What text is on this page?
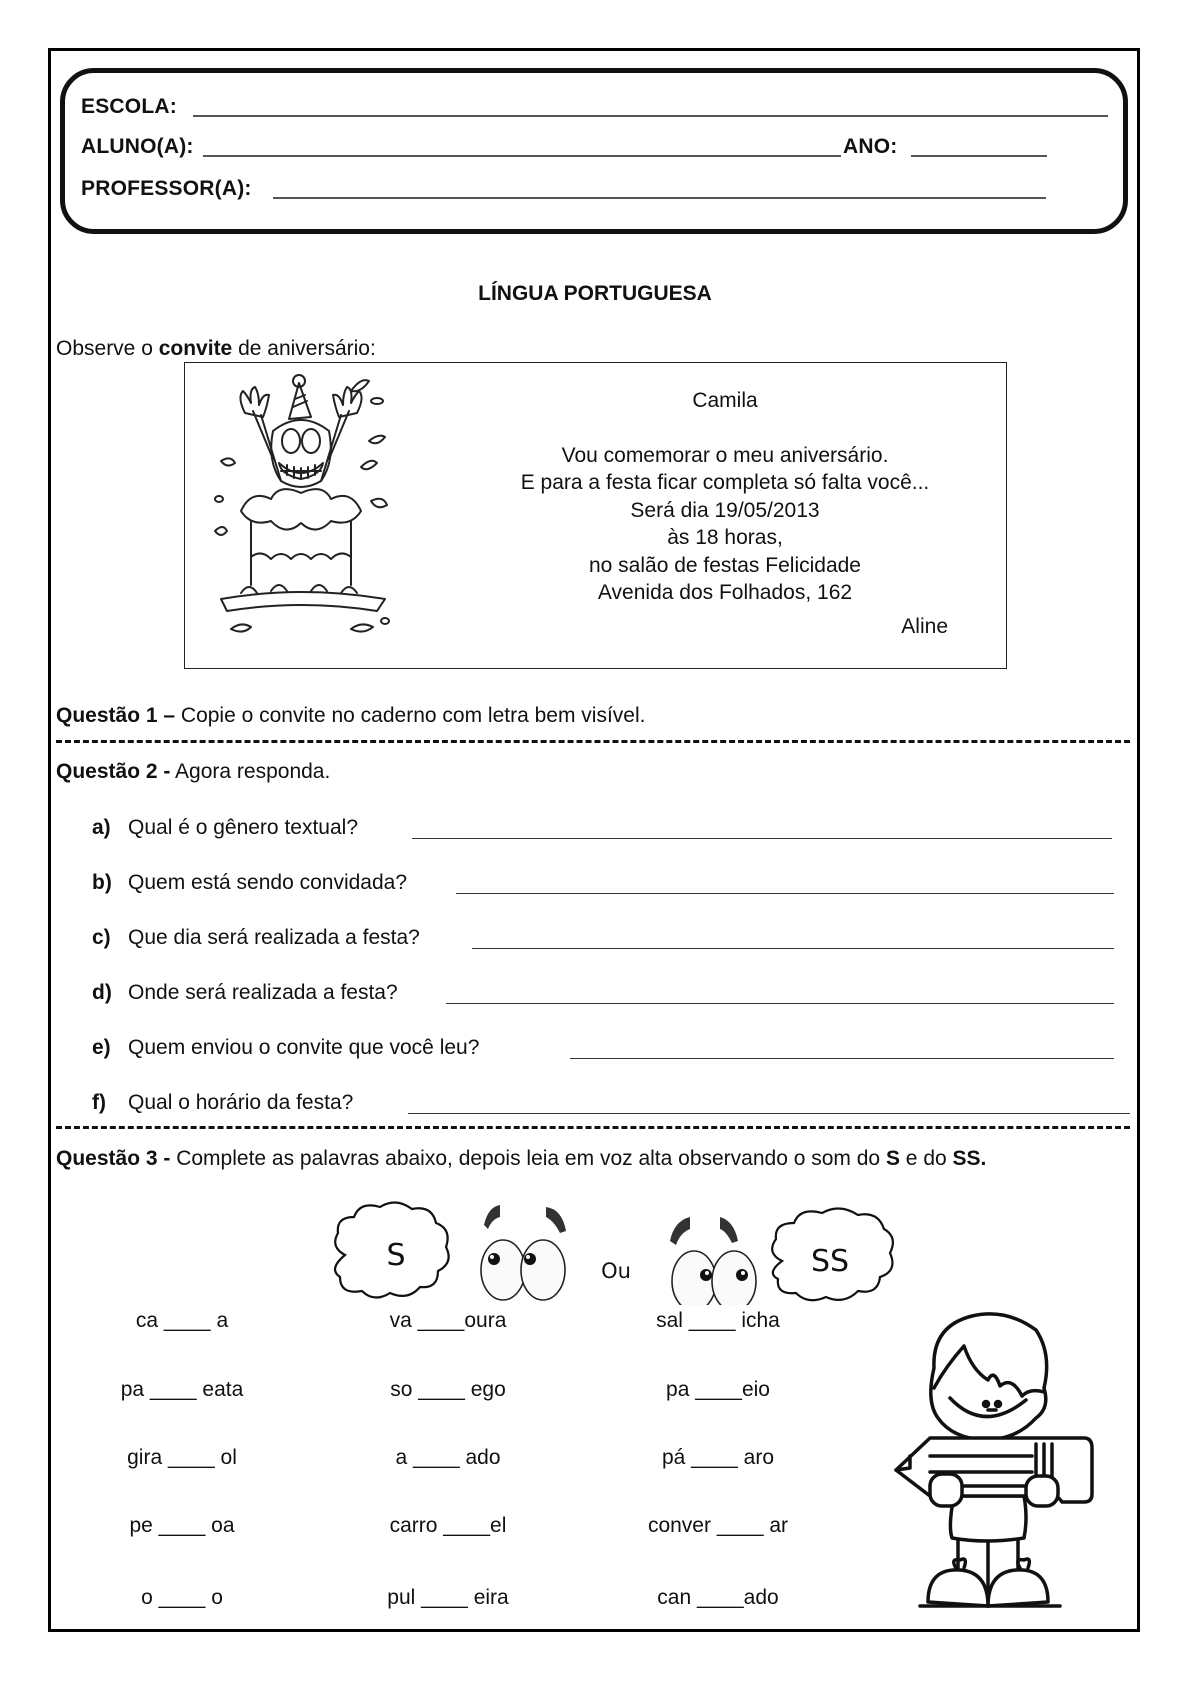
ESCOLA:
ALUNO(A):	ANO:
PROFESSOR(A):
LÍNGUA PORTUGUESA
Observe o convite de aniversário:
Camila
Vou comemorar o meu aniversário.
E para a festa ficar completa só falta você...
Será dia 19/05/2013
às 18 horas,
no salão de festas Felicidade
Avenida dos Folhados, 162
Aline
Questão 1 – Copie o convite no caderno com letra bem visível.
Questão 2 - Agora responda.
a) Qual é o gênero textual?
b) Quem está sendo convidada?
c) Que dia será realizada a festa?
d) Onde será realizada a festa?
e) Quem enviou o convite que você leu?
f) Qual o horário da festa?
Questão 3 - Complete as palavras abaixo, depois leia em voz alta observando o som do S e do SS.
S	Ou	SS
ca ____ a	va ____oura	sal ____ icha
pa ____ eata	so ____ ego	pa ____eio
gira ____ ol	a ____ ado	pá ____ aro
pe ____ oa	carro ____el	conver ____ ar
o ____ o	pul ____ eira	can ____ado
